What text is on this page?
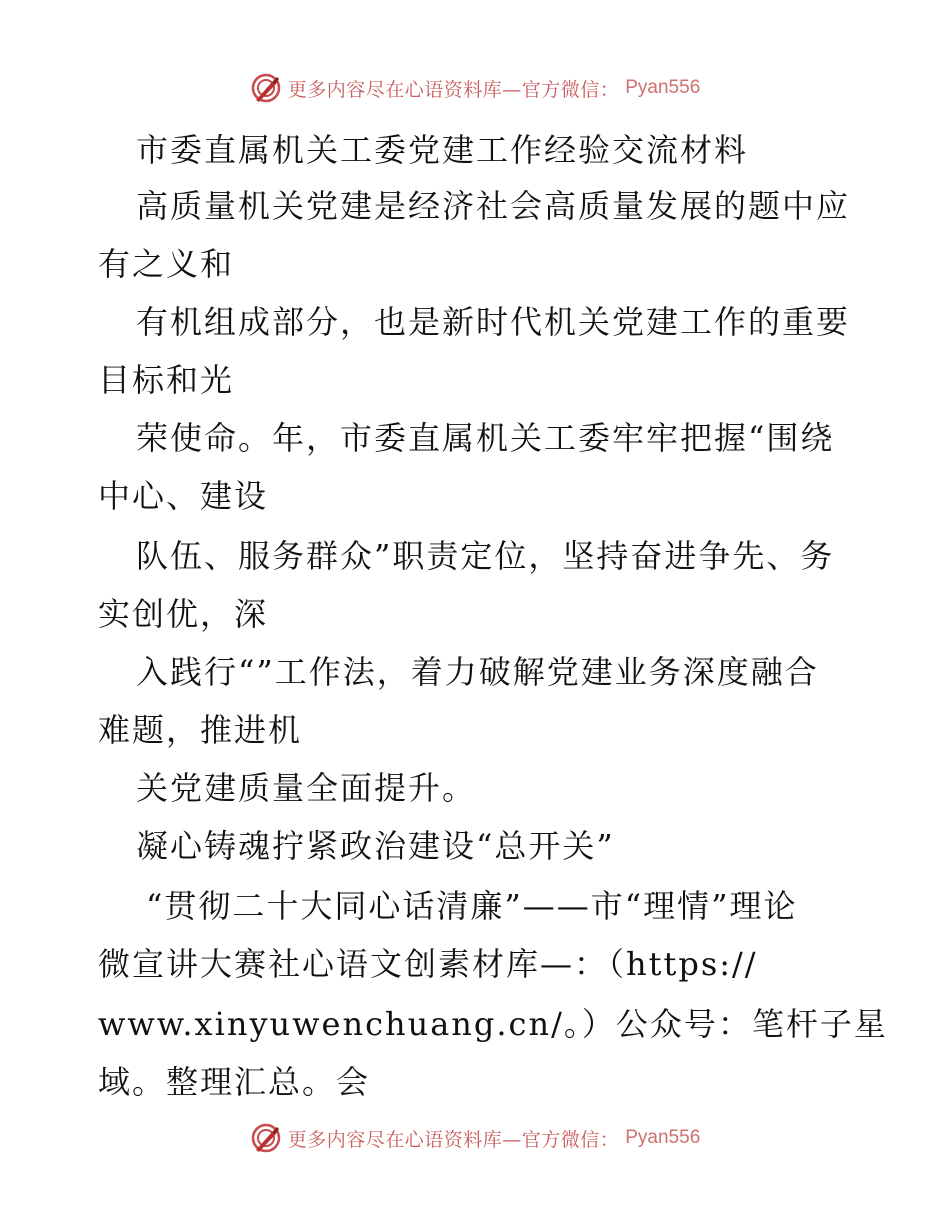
更多内容尽在心语资料库—官方微信： Pyan556
市委直属机关工委党建工作经验交流材料
高质量机关党建是经济社会高质量发展的题中应
有之义和
有机组成部分，也是新时代机关党建工作的重要
目标和光
荣使命。年，市委直属机关工委牢牢把握“围绕
中心、建设
队伍、服务群众”职责定位，坚持奋进争先、务
实创优，深
入践行“”工作法，着力破解党建业务深度融合
难题，推进机
关党建质量全面提升。
凝心铸魂拧紧政治建设“总开关”
“贯彻二十大同心话清廉”——市“理情”理论
微宣讲大赛社心语文创素材库—：（https://
www.xinyuwenchuang.cn/。）公众号：笔杆子星
域。整理汇总。会
更多内容尽在心语资料库—官方微信： Pyan556
